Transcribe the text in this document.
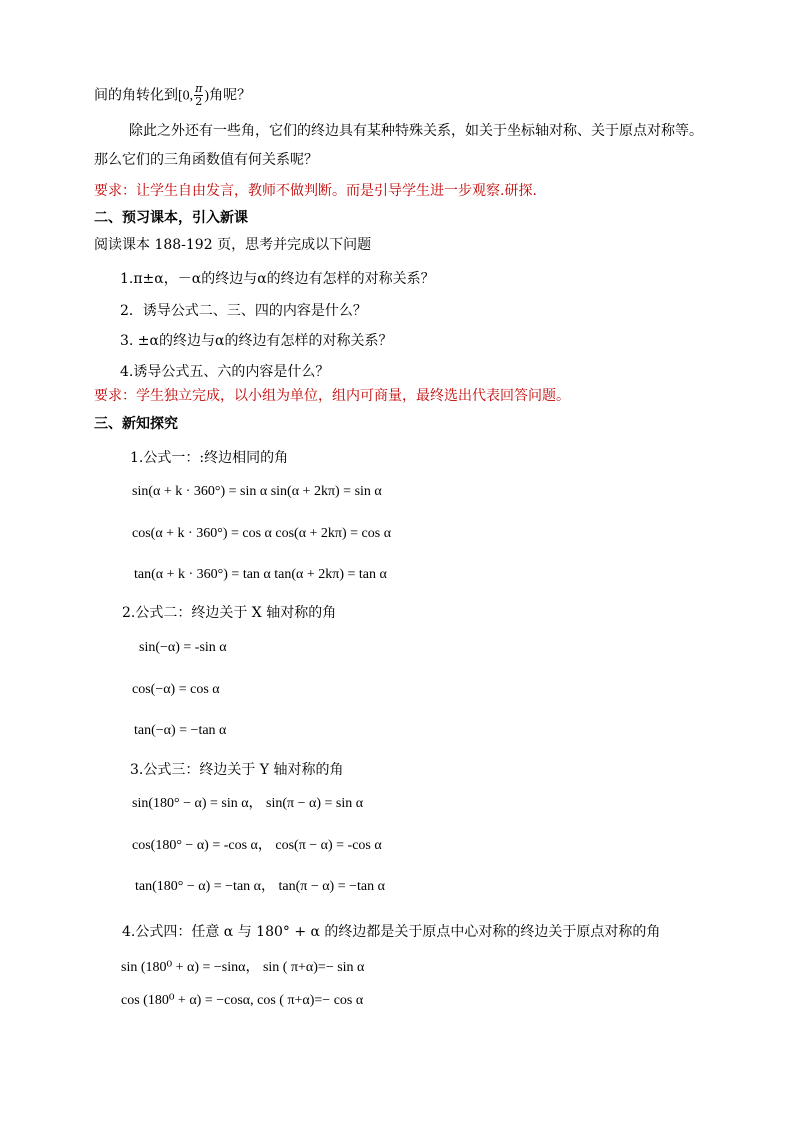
间的角转化到[0, $\frac{\pi}{2}$ )角呢？
除此之外还有一些角，它们的终边具有某种特殊关系，如关于坐标轴对称、关于原点对称等。
那么它们的三角函数值有何关系呢？
要求：让学生自由发言，教师不做判断。而是引导学生进一步观察.研探.
二、预习课本，引入新课
阅读课本 188-192 页，思考并完成以下问题
1.π±α，－α的终边与α的终边有怎样的对称关系？
2．诱导公式二、三、四的内容是什么？
3. ±α的终边与α的终边有怎样的对称关系？
4.诱导公式五、六的内容是什么？
要求：学生独立完成，以小组为单位，组内可商量，最终选出代表回答问题。
三、新知探究
1.公式一：:终边相同的角
sin(α + k · 360°) = sin α sin(α + 2kπ) = sin α
cos(α + k · 360°) = cos α cos(α + 2kπ) = cos α
tan(α + k · 360°) = tan α tan(α + 2kπ) = tan α
2.公式二：终边关于 X 轴对称的角
sin(−α) = -sin α
cos(−α) = cos α
tan(−α) = −tan α
3.公式三：终边关于 Y 轴对称的角
sin(180° − α) = sin α， sin(π − α) = sin α
cos(180° − α) = -cos α， cos(π − α) = -cos α
tan(180° − α) = −tan α， tan(π − α) = −tan α
4.公式四：任意 α 与 180° + α 的终边都是关于原点中心对称的终边关于原点对称的角
sin (180⁰ + α) = −sinα， sin ( π+α)=− sin α
cos (180⁰ + α) = −cosα, cos ( π+α)=− cos α
